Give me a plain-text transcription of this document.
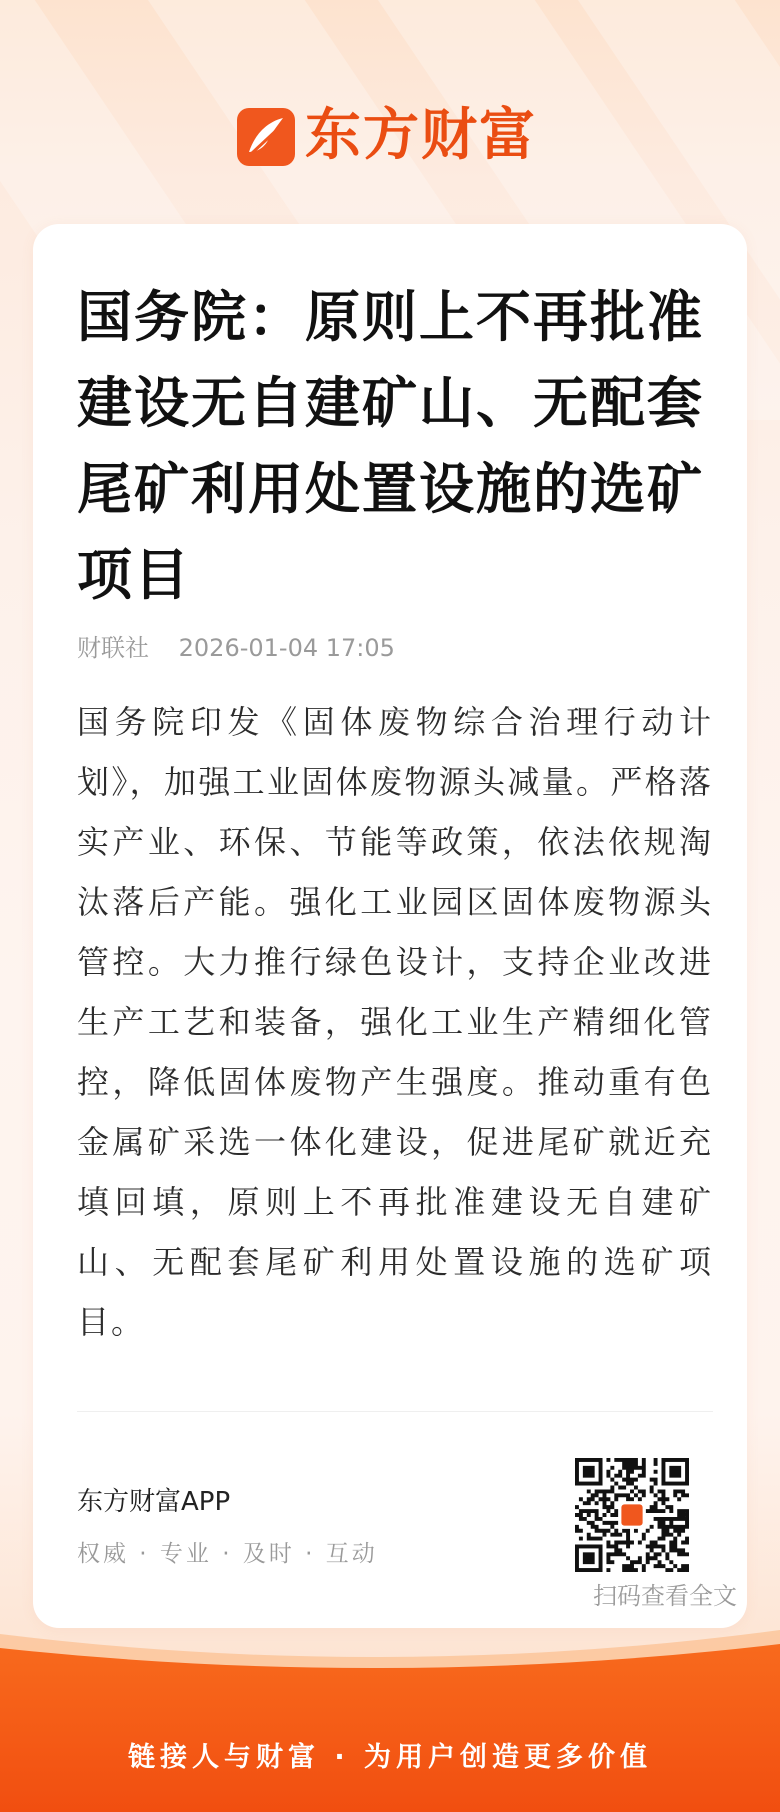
东方财富
国务院：原则上不再批准建设无自建矿山、无配套尾矿利用处置设施的选矿项目
财联社 2026-01-04 17:05

国务院印发《固体废物综合治理行动计划》，加强工业固体废物源头减量。严格落实产业、环保、节能等政策，依法依规淘汰落后产能。强化工业园区固体废物源头管控。大力推行绿色设计，支持企业改进生产工艺和装备，强化工业生产精细化管控，降低固体废物产生强度。推动重有色金属矿采选一体化建设，促进尾矿就近充填回填，原则上不再批准建设无自建矿山、无配套尾矿利用处置设施的选矿项目。

东方财富APP
权威 · 专业 · 及时 · 互动
扫码查看全文
链接人与财富 · 为用户创造更多价值
